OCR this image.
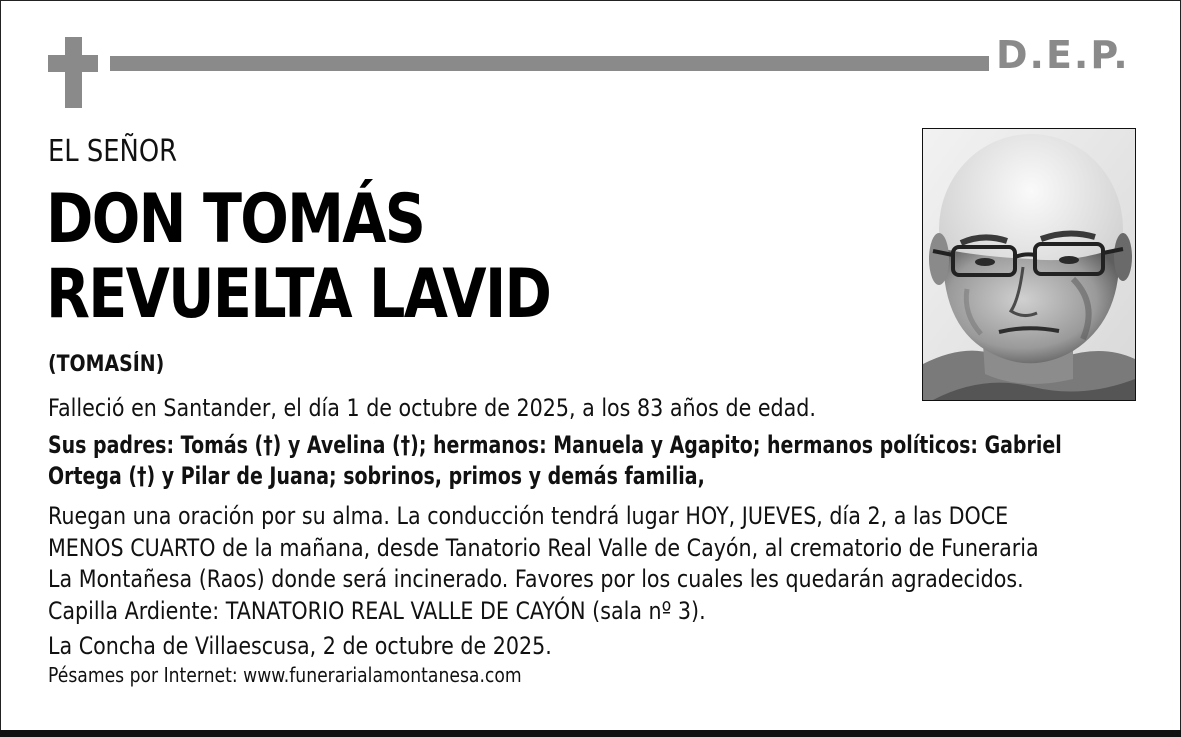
D.E.P.
EL SEÑOR
DON TOMÁS
REVUELTA LAVID
(TOMASÍN)
Falleció en Santander, el día 1 de octubre de 2025, a los 83 años de edad.
Sus padres: Tomás (†) y Avelina (†); hermanos: Manuela y Agapito; hermanos políticos: Gabriel
Ortega (†) y Pilar de Juana; sobrinos, primos y demás familia,
Ruegan una oración por su alma. La conducción tendrá lugar HOY, JUEVES, día 2, a las DOCE
MENOS CUARTO de la mañana, desde Tanatorio Real Valle de Cayón, al crematorio de Funeraria
La Montañesa (Raos) donde será incinerado. Favores por los cuales les quedarán agradecidos.
Capilla Ardiente: TANATORIO REAL VALLE DE CAYÓN (sala nº 3).
La Concha de Villaescusa, 2 de octubre de 2025.
Pésames por Internet: www.funerarialamontanesa.com
